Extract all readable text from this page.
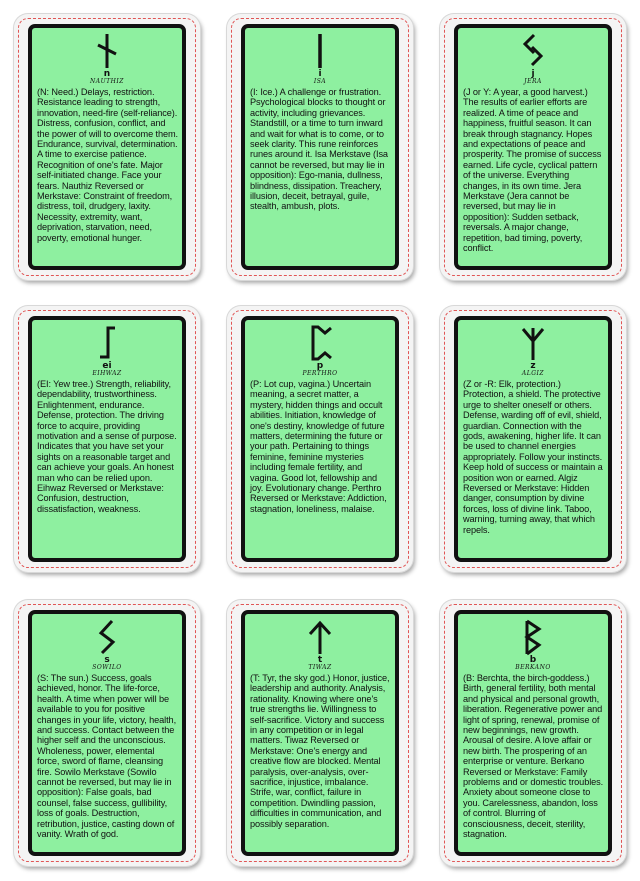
n
NAUTHIZ
(N: Need.) Delays, restriction. Resistance leading to strength, innovation, need-fire (self-reliance). Distress, confusion, conflict, and the power of will to overcome them. Endurance, survival, determination. A time to exercise patience. Recognition of one's fate. Major self-initiated change. Face your fears. Nauthiz Reversed or Merkstave: Constraint of freedom, distress, toil, drudgery, laxity. Necessity, extremity, want, deprivation, starvation, need, poverty, emotional hunger.
i
ISA
(I: Ice.) A challenge or frustration. Psychological blocks to thought or activity, including grievances. Standstill, or a time to turn inward and wait for what is to come, or to seek clarity. This rune reinforces runes around it. Isa Merkstave (Isa cannot be reversed, but may lie in opposition): Ego-mania, dullness, blindness, dissipation. Treachery, illusion, deceit, betrayal, guile, stealth, ambush, plots.
j
JERA
(J or Y: A year, a good harvest.) The results of earlier efforts are realized. A time of peace and happiness, fruitful season. It can break through stagnancy. Hopes and expectations of peace and prosperity. The promise of success earned. Life cycle, cyclical pattern of the universe. Everything changes, in its own time. Jera Merkstave (Jera cannot be reversed, but may lie in opposition): Sudden setback, reversals. A major change, repetition, bad timing, poverty, conflict.
ei
EIHWAZ
(EI: Yew tree.) Strength, reliability, dependability, trustworthiness. Enlightenment, endurance. Defense, protection. The driving force to acquire, providing motivation and a sense of purpose. Indicates that you have set your sights on a reasonable target and can achieve your goals. An honest man who can be relied upon. Eihwaz Reversed or Merkstave: Confusion, destruction, dissatisfaction, weakness.
p
PERTHRO
(P: Lot cup, vagina.) Uncertain meaning, a secret matter, a mystery, hidden things and occult abilities. Initiation, knowledge of one's destiny, knowledge of future matters, determining the future or your path. Pertaining to things feminine, feminine mysteries including female fertility, and vagina. Good lot, fellowship and joy. Evolutionary change. Perthro Reversed or Merkstave: Addiction, stagnation, loneliness, malaise.
z
ALGIZ
(Z or -R: Elk, protection.) Protection, a shield. The protective urge to shelter oneself or others. Defense, warding off of evil, shield, guardian. Connection with the gods, awakening, higher life. It can be used to channel energies appropriately. Follow your instincts. Keep hold of success or maintain a position won or earned. Algiz Reversed or Merkstave: Hidden danger, consumption by divine forces, loss of divine link. Taboo, warning, turning away, that which repels.
s
SOWILO
(S: The sun.) Success, goals achieved, honor. The life-force, health. A time when power will be available to you for positive changes in your life, victory, health, and success. Contact between the higher self and the unconscious. Wholeness, power, elemental force, sword of flame, cleansing fire. Sowilo Merkstave (Sowilo cannot be reversed, but may lie in opposition): False goals, bad counsel, false success, gullibility, loss of goals. Destruction, retribution, justice, casting down of vanity. Wrath of god.
t
TIWAZ
(T: Tyr, the sky god.) Honor, justice, leadership and authority. Analysis, rationality. Knowing where one's true strengths lie. Willingness to self-sacrifice. Victory and success in any competition or in legal matters. Tiwaz Reversed or Merkstave: One's energy and creative flow are blocked. Mental paralysis, over-analysis, over-sacrifice, injustice, imbalance. Strife, war, conflict, failure in competition. Dwindling passion, difficulties in communication, and possibly separation.
b
BERKANO
(B: Berchta, the birch-goddess.) Birth, general fertility, both mental and physical and personal growth, liberation. Regenerative power and light of spring, renewal, promise of new beginnings, new growth. Arousal of desire. A love affair or new birth. The prospering of an enterprise or venture. Berkano Reversed or Merkstave: Family problems and or domestic troubles. Anxiety about someone close to you. Carelessness, abandon, loss of control. Blurring of consciousness, deceit, sterility, stagnation.
